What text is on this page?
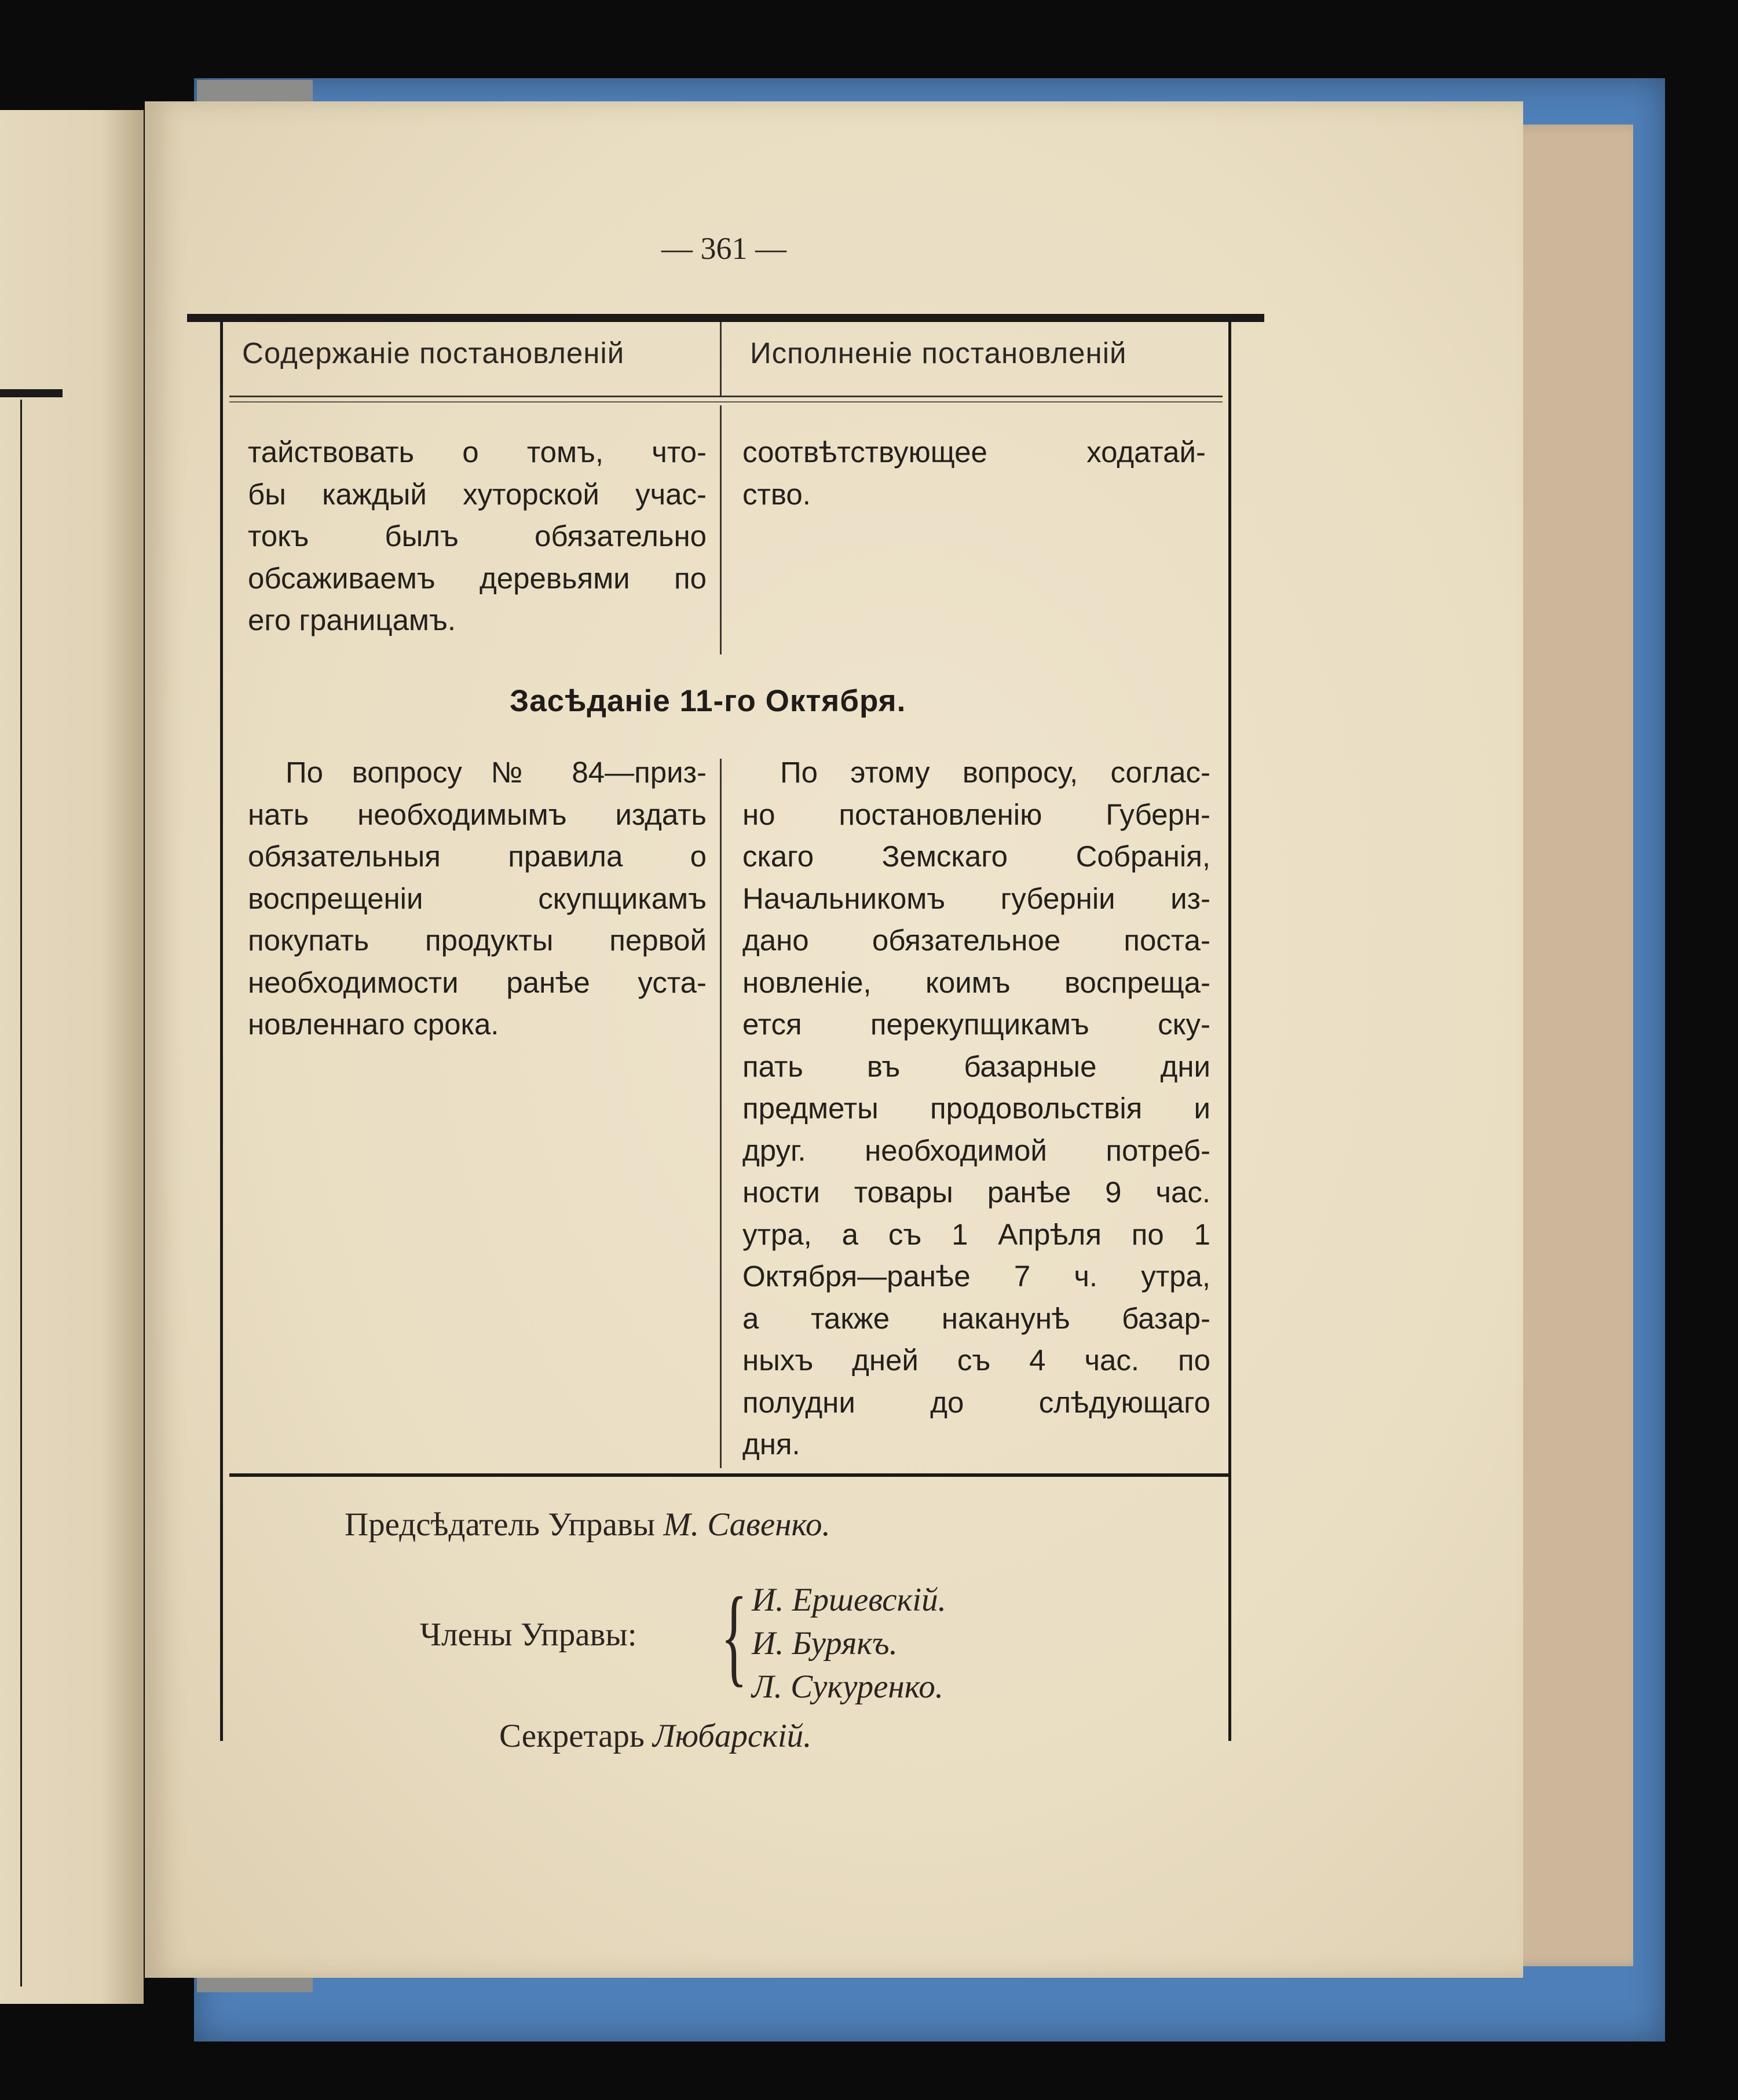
— 361 —
Содержаніе постановленій	Исполненіе постановленій
тайствовать о томъ, что-
бы каждый хуторской учас-
токъ былъ обязательно
обсаживаемъ деревьями по
его границамъ.
соотвѣтствующее ходатай-
ство.
Засѣданіе 11-го Октября.
По вопросу № 84—приз-
нать необходимымъ издать
обязательныя правила о
воспрещеніи скупщикамъ
покупать продукты первой
необходимости ранѣе уста-
новленнаго срока.
По этому вопросу, соглас-
но постановленію Губерн-
скаго Земскаго Собранія,
Начальникомъ губерніи из-
дано обязательное поста-
новленіе, коимъ воспреща-
ется перекупщикамъ ску-
пать въ базарные дни
предметы продовольствія и
друг. необходимой потреб-
ности товары ранѣе 9 час.
утра, а съ 1 Апрѣля по 1
Октября—ранѣе 7 ч. утра,
а также наканунѣ базар-
ныхъ дней съ 4 час. по
полудни до слѣдующаго
дня.
Предсѣдатель Управы М. Савенко.
Члены Управы: { И. Ершевскій.
И. Бурякъ.
Л. Сукуренко.
Секретарь Любарскій.
